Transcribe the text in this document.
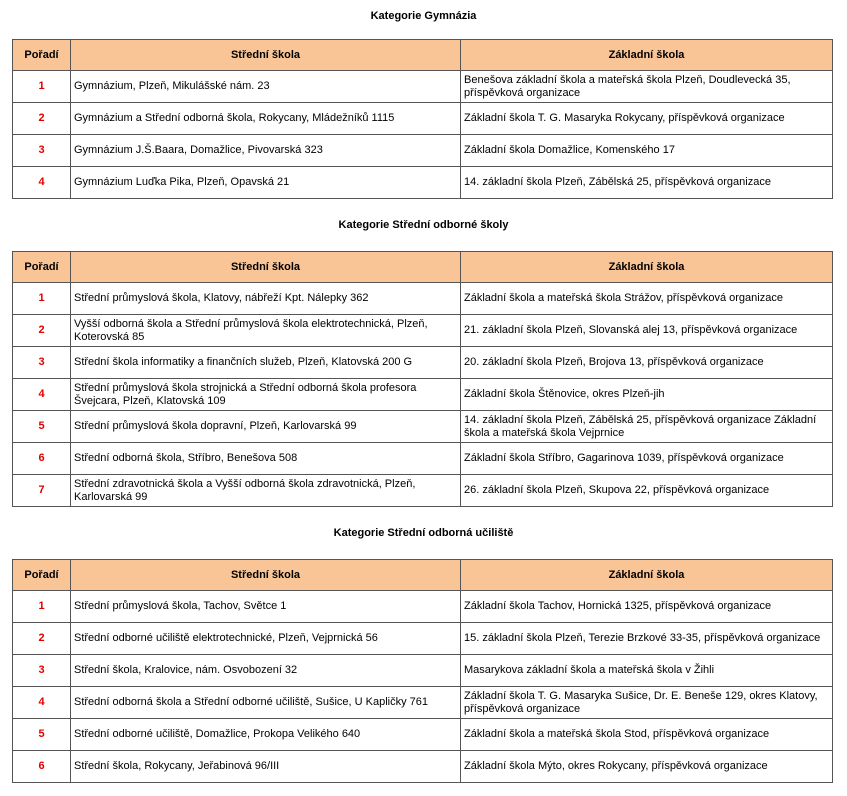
Kategorie Gymnázia
Pořadí	Střední škola	Základní škola
1	Gymnázium, Plzeň, Mikulášské nám. 23	Benešova základní škola a mateřská škola Plzeň, Doudlevecká 35, příspěvková organizace
2	Gymnázium a Střední odborná škola, Rokycany, Mládežníků 1115	Základní škola T. G. Masaryka Rokycany, příspěvková organizace
3	Gymnázium J.Š.Baara, Domažlice, Pivovarská 323	Základní škola Domažlice, Komenského 17
4	Gymnázium Luďka Pika, Plzeň, Opavská 21	14. základní škola Plzeň, Zábělská 25, příspěvková organizace
Kategorie Střední odborné školy
Pořadí	Střední škola	Základní škola
1	Střední průmyslová škola, Klatovy, nábřeží Kpt. Nálepky 362	Základní škola a mateřská škola Strážov, příspěvková organizace
2	Vyšší odborná škola a Střední průmyslová škola elektrotechnická, Plzeň, Koterovská 85	21. základní škola Plzeň, Slovanská alej 13, příspěvková organizace
3	Střední škola informatiky a finančních služeb, Plzeň, Klatovská 200 G	20. základní škola Plzeň, Brojova 13, příspěvková organizace
4	Střední průmyslová škola strojnická a Střední odborná škola profesora Švejcara, Plzeň, Klatovská 109	Základní škola Štěnovice, okres Plzeň-jih
5	Střední průmyslová škola dopravní, Plzeň, Karlovarská 99	14. základní škola Plzeň, Zábělská 25, příspěvková organizace Základní škola a mateřská škola Vejprnice
6	Střední odborná škola, Stříbro, Benešova 508	Základní škola Stříbro, Gagarinova 1039, příspěvková organizace
7	Střední zdravotnická škola a Vyšší odborná škola zdravotnická, Plzeň, Karlovarská 99	26. základní škola Plzeň, Skupova 22, příspěvková organizace
Kategorie Střední odborná učiliště
Pořadí	Střední škola	Základní škola
1	Střední průmyslová škola, Tachov, Světce 1	Základní škola Tachov, Hornická 1325, příspěvková organizace
2	Střední odborné učiliště elektrotechnické, Plzeň, Vejprnická 56	15. základní škola Plzeň, Terezie Brzkové 33-35, příspěvková organizace
3	Střední škola, Kralovice, nám. Osvobození 32	Masarykova základní škola a mateřská škola v Žihli
4	Střední odborná škola a Střední odborné učiliště, Sušice, U Kapličky 761	Základní škola T. G. Masaryka Sušice, Dr. E. Beneše 129, okres Klatovy, příspěvková organizace
5	Střední odborné učiliště, Domažlice, Prokopa Velikého 640	Základní škola a mateřská škola Stod, příspěvková organizace
6	Střední škola, Rokycany, Jeřabinová 96/III	Základní škola Mýto, okres Rokycany, příspěvková organizace
